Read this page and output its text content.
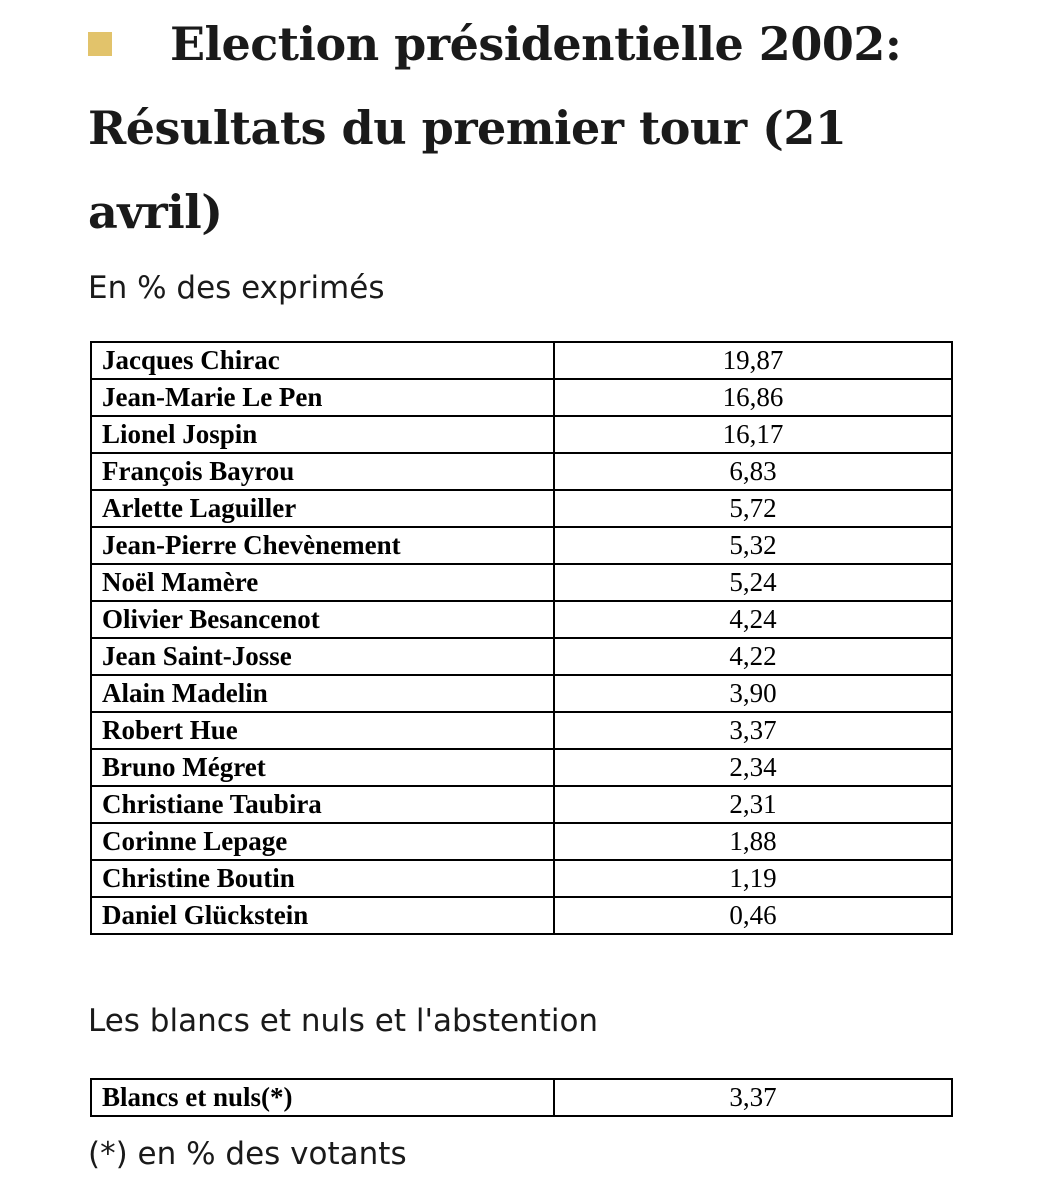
Election présidentielle 2002: Résultats du premier tour (21 avril)

En % des exprimés

Jacques Chirac	19,87
Jean-Marie Le Pen	16,86
Lionel Jospin	16,17
François Bayrou	6,83
Arlette Laguiller	5,72
Jean-Pierre Chevènement	5,32
Noël Mamère	5,24
Olivier Besancenot	4,24
Jean Saint-Josse	4,22
Alain Madelin	3,90
Robert Hue	3,37
Bruno Mégret	2,34
Christiane Taubira	2,31
Corinne Lepage	1,88
Christine Boutin	1,19
Daniel Glückstein	0,46

Les blancs et nuls et l'abstention

Blancs et nuls(*)	3,37

(*) en % des votants
